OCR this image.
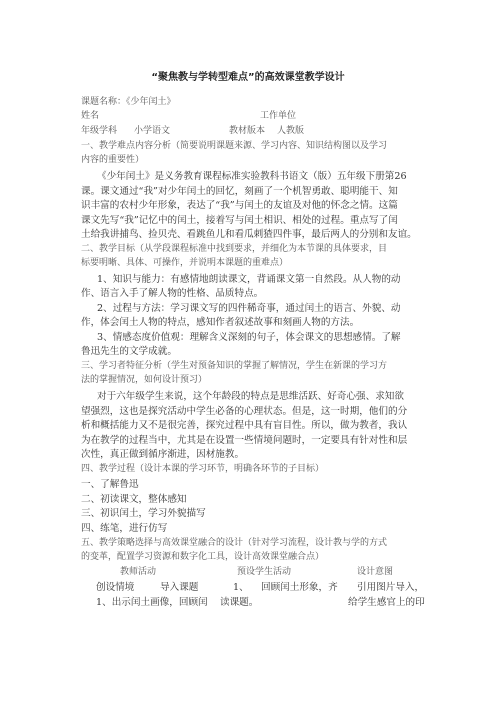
“聚焦教与学转型难点”的高效课堂教学设计
课题名称：《少年闰土》
姓名	工作单位
年级学科 小学语文	教材版本 人教版
一、教学难点内容分析（简要说明课题来源、学习内容、知识结构图以及学习
内容的重要性）
《少年闰土》是义务教育课程标准实验教科书语文（版）五年级下册第26
课。课文通过“我”对少年闰土的回忆，刻画了一个机智勇敢、聪明能干、知
识丰富的农村少年形象，表达了“我”与闰土的友谊及对他的怀念之情。这篇
课文先写“我”记忆中的闰土，接着写与闰土相识、相处的过程。重点写了闰
土给我讲捕鸟、捡贝壳、看跳鱼儿和看瓜刺猹四件事，最后两人的分别和友谊。
二、教学目标（从学段课程标准中找到要求，并细化为本节课的具体要求，目
标要明晰、具体、可操作，并说明本课题的重难点）
1、知识与能力：有感情地朗读课文，背诵课文第一自然段。从人物的动
作、语言入手了解人物的性格、品质特点。
2、过程与方法：学习课文写的四件稀奇事，通过闰土的语言、外貌、动
作，体会闰土人物的特点，感知作者叙述故事和刻画人物的方法。
3、情感态度价值观：理解含义深刻的句子，体会课文的思想感情。了解
鲁迅先生的文学成就。
三、学习者特征分析（学生对预备知识的掌握了解情况，学生在新课的学习方
法的掌握情况，如何设计预习）
对于六年级学生来说，这个年龄段的特点是思维活跃、好奇心强、求知欲
望强烈，这也是探究活动中学生必备的心理状态。但是，这一时期，他们的分
析和概括能力又不是很完善，探究过程中具有盲目性。所以，做为教者，我认
为在教学的过程当中，尤其是在设置一些情境问题时，一定要具有针对性和层
次性，真正做到循序渐进，因材施教。
四、教学过程（设计本课的学习环节，明确各环节的子目标）
一、了解鲁迅
二、初读课文，整体感知
三、初识闰土，学习外貌描写
四、练笔，进行仿写
五、教学策略选择与高效课堂融合的设计（针对学习流程，设计教与学的方式
的变革，配置学习资源和数字化工具，设计高效课堂融合点）
教师活动	预设学生活动	设计意图
创设情境	导入课题	1、 回顾闰土形象，齐 引用图片导入，
1、出示闰土画像，回顾闰 读课题。	给学生感官上的印
